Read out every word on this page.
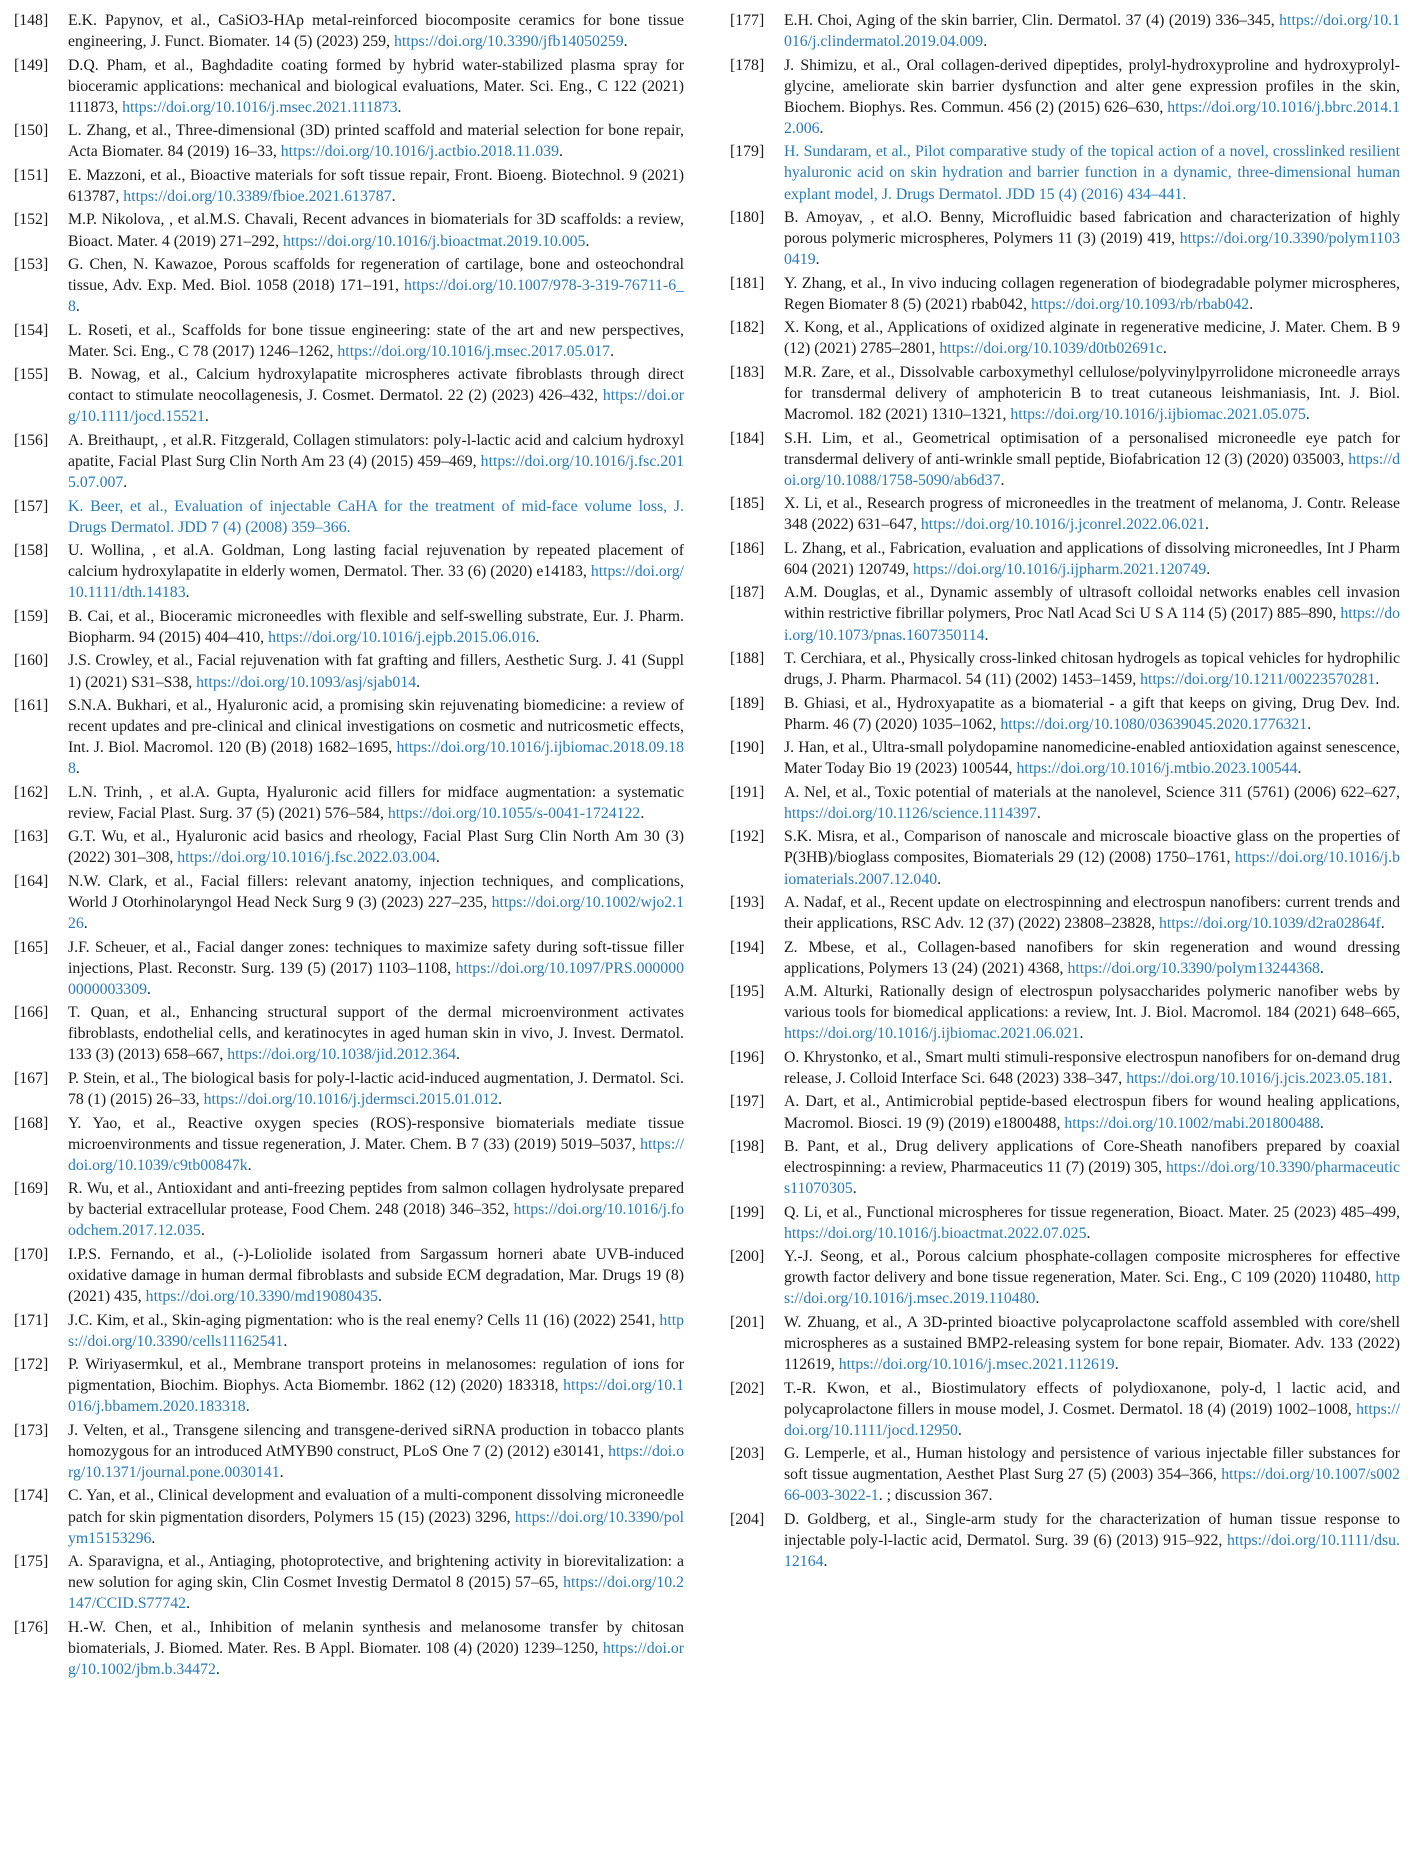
[148]	E.K. Papynov, et al., CaSiO3-HAp metal-reinforced biocomposite ceramics for bone tissue engineering, J. Funct. Biomater. 14 (5) (2023) 259, https://doi.org/10.3390/jfb14050259.
[149]	D.Q. Pham, et al., Baghdadite coating formed by hybrid water-stabilized plasma spray for bioceramic applications: mechanical and biological evaluations, Mater. Sci. Eng., C 122 (2021) 111873, https://doi.org/10.1016/j.msec.2021.111873.
[150]	L. Zhang, et al., Three-dimensional (3D) printed scaffold and material selection for bone repair, Acta Biomater. 84 (2019) 16–33, https://doi.org/10.1016/j.actbio.2018.11.039.
[151]	E. Mazzoni, et al., Bioactive materials for soft tissue repair, Front. Bioeng. Biotechnol. 9 (2021) 613787, https://doi.org/10.3389/fbioe.2021.613787.
[152]	M.P. Nikolova, , et al.M.S. Chavali, Recent advances in biomaterials for 3D scaffolds: a review, Bioact. Mater. 4 (2019) 271–292, https://doi.org/10.1016/j.bioactmat.2019.10.005.
[153]	G. Chen, N. Kawazoe, Porous scaffolds for regeneration of cartilage, bone and osteochondral tissue, Adv. Exp. Med. Biol. 1058 (2018) 171–191, https://doi.org/10.1007/978-3-319-76711-6_8.
[154]	L. Roseti, et al., Scaffolds for bone tissue engineering: state of the art and new perspectives, Mater. Sci. Eng., C 78 (2017) 1246–1262, https://doi.org/10.1016/j.msec.2017.05.017.
[155]	B. Nowag, et al., Calcium hydroxylapatite microspheres activate fibroblasts through direct contact to stimulate neocollagenesis, J. Cosmet. Dermatol. 22 (2) (2023) 426–432, https://doi.org/10.1111/jocd.15521.
[156]	A. Breithaupt, , et al.R. Fitzgerald, Collagen stimulators: poly-l-lactic acid and calcium hydroxyl apatite, Facial Plast Surg Clin North Am 23 (4) (2015) 459–469, https://doi.org/10.1016/j.fsc.2015.07.007.
[157]	K. Beer, et al., Evaluation of injectable CaHA for the treatment of mid-face volume loss, J. Drugs Dermatol. JDD 7 (4) (2008) 359–366.
[158]	U. Wollina, , et al.A. Goldman, Long lasting facial rejuvenation by repeated placement of calcium hydroxylapatite in elderly women, Dermatol. Ther. 33 (6) (2020) e14183, https://doi.org/10.1111/dth.14183.
[159]	B. Cai, et al., Bioceramic microneedles with flexible and self-swelling substrate, Eur. J. Pharm. Biopharm. 94 (2015) 404–410, https://doi.org/10.1016/j.ejpb.2015.06.016.
[160]	J.S. Crowley, et al., Facial rejuvenation with fat grafting and fillers, Aesthetic Surg. J. 41 (Suppl 1) (2021) S31–S38, https://doi.org/10.1093/asj/sjab014.
[161]	S.N.A. Bukhari, et al., Hyaluronic acid, a promising skin rejuvenating biomedicine: a review of recent updates and pre-clinical and clinical investigations on cosmetic and nutricosmetic effects, Int. J. Biol. Macromol. 120 (B) (2018) 1682–1695, https://doi.org/10.1016/j.ijbiomac.2018.09.188.
[162]	L.N. Trinh, , et al.A. Gupta, Hyaluronic acid fillers for midface augmentation: a systematic review, Facial Plast. Surg. 37 (5) (2021) 576–584, https://doi.org/10.1055/s-0041-1724122.
[163]	G.T. Wu, et al., Hyaluronic acid basics and rheology, Facial Plast Surg Clin North Am 30 (3) (2022) 301–308, https://doi.org/10.1016/j.fsc.2022.03.004.
[164]	N.W. Clark, et al., Facial fillers: relevant anatomy, injection techniques, and complications, World J Otorhinolaryngol Head Neck Surg 9 (3) (2023) 227–235, https://doi.org/10.1002/wjo2.126.
[165]	J.F. Scheuer, et al., Facial danger zones: techniques to maximize safety during soft-tissue filler injections, Plast. Reconstr. Surg. 139 (5) (2017) 1103–1108, https://doi.org/10.1097/PRS.0000000000003309.
[166]	T. Quan, et al., Enhancing structural support of the dermal microenvironment activates fibroblasts, endothelial cells, and keratinocytes in aged human skin in vivo, J. Invest. Dermatol. 133 (3) (2013) 658–667, https://doi.org/10.1038/jid.2012.364.
[167]	P. Stein, et al., The biological basis for poly-l-lactic acid-induced augmentation, J. Dermatol. Sci. 78 (1) (2015) 26–33, https://doi.org/10.1016/j.jdermsci.2015.01.012.
[168]	Y. Yao, et al., Reactive oxygen species (ROS)-responsive biomaterials mediate tissue microenvironments and tissue regeneration, J. Mater. Chem. B 7 (33) (2019) 5019–5037, https://doi.org/10.1039/c9tb00847k.
[169]	R. Wu, et al., Antioxidant and anti-freezing peptides from salmon collagen hydrolysate prepared by bacterial extracellular protease, Food Chem. 248 (2018) 346–352, https://doi.org/10.1016/j.foodchem.2017.12.035.
[170]	I.P.S. Fernando, et al., (-)-Loliolide isolated from Sargassum horneri abate UVB-induced oxidative damage in human dermal fibroblasts and subside ECM degradation, Mar. Drugs 19 (8) (2021) 435, https://doi.org/10.3390/md19080435.
[171]	J.C. Kim, et al., Skin-aging pigmentation: who is the real enemy? Cells 11 (16) (2022) 2541, https://doi.org/10.3390/cells11162541.
[172]	P. Wiriyasermkul, et al., Membrane transport proteins in melanosomes: regulation of ions for pigmentation, Biochim. Biophys. Acta Biomembr. 1862 (12) (2020) 183318, https://doi.org/10.1016/j.bbamem.2020.183318.
[173]	J. Velten, et al., Transgene silencing and transgene-derived siRNA production in tobacco plants homozygous for an introduced AtMYB90 construct, PLoS One 7 (2) (2012) e30141, https://doi.org/10.1371/journal.pone.0030141.
[174]	C. Yan, et al., Clinical development and evaluation of a multi-component dissolving microneedle patch for skin pigmentation disorders, Polymers 15 (15) (2023) 3296, https://doi.org/10.3390/polym15153296.
[175]	A. Sparavigna, et al., Antiaging, photoprotective, and brightening activity in biorevitalization: a new solution for aging skin, Clin Cosmet Investig Dermatol 8 (2015) 57–65, https://doi.org/10.2147/CCID.S77742.
[176]	H.-W. Chen, et al., Inhibition of melanin synthesis and melanosome transfer by chitosan biomaterials, J. Biomed. Mater. Res. B Appl. Biomater. 108 (4) (2020) 1239–1250, https://doi.org/10.1002/jbm.b.34472.
[177]	E.H. Choi, Aging of the skin barrier, Clin. Dermatol. 37 (4) (2019) 336–345, https://doi.org/10.1016/j.clindermatol.2019.04.009.
[178]	J. Shimizu, et al., Oral collagen-derived dipeptides, prolyl-hydroxyproline and hydroxyprolyl-glycine, ameliorate skin barrier dysfunction and alter gene expression profiles in the skin, Biochem. Biophys. Res. Commun. 456 (2) (2015) 626–630, https://doi.org/10.1016/j.bbrc.2014.12.006.
[179]	H. Sundaram, et al., Pilot comparative study of the topical action of a novel, crosslinked resilient hyaluronic acid on skin hydration and barrier function in a dynamic, three-dimensional human explant model, J. Drugs Dermatol. JDD 15 (4) (2016) 434–441.
[180]	B. Amoyav, , et al.O. Benny, Microfluidic based fabrication and characterization of highly porous polymeric microspheres, Polymers 11 (3) (2019) 419, https://doi.org/10.3390/polym11030419.
[181]	Y. Zhang, et al., In vivo inducing collagen regeneration of biodegradable polymer microspheres, Regen Biomater 8 (5) (2021) rbab042, https://doi.org/10.1093/rb/rbab042.
[182]	X. Kong, et al., Applications of oxidized alginate in regenerative medicine, J. Mater. Chem. B 9 (12) (2021) 2785–2801, https://doi.org/10.1039/d0tb02691c.
[183]	M.R. Zare, et al., Dissolvable carboxymethyl cellulose/polyvinylpyrrolidone microneedle arrays for transdermal delivery of amphotericin B to treat cutaneous leishmaniasis, Int. J. Biol. Macromol. 182 (2021) 1310–1321, https://doi.org/10.1016/j.ijbiomac.2021.05.075.
[184]	S.H. Lim, et al., Geometrical optimisation of a personalised microneedle eye patch for transdermal delivery of anti-wrinkle small peptide, Biofabrication 12 (3) (2020) 035003, https://doi.org/10.1088/1758-5090/ab6d37.
[185]	X. Li, et al., Research progress of microneedles in the treatment of melanoma, J. Contr. Release 348 (2022) 631–647, https://doi.org/10.1016/j.jconrel.2022.06.021.
[186]	L. Zhang, et al., Fabrication, evaluation and applications of dissolving microneedles, Int J Pharm 604 (2021) 120749, https://doi.org/10.1016/j.ijpharm.2021.120749.
[187]	A.M. Douglas, et al., Dynamic assembly of ultrasoft colloidal networks enables cell invasion within restrictive fibrillar polymers, Proc Natl Acad Sci U S A 114 (5) (2017) 885–890, https://doi.org/10.1073/pnas.1607350114.
[188]	T. Cerchiara, et al., Physically cross-linked chitosan hydrogels as topical vehicles for hydrophilic drugs, J. Pharm. Pharmacol. 54 (11) (2002) 1453–1459, https://doi.org/10.1211/00223570281.
[189]	B. Ghiasi, et al., Hydroxyapatite as a biomaterial - a gift that keeps on giving, Drug Dev. Ind. Pharm. 46 (7) (2020) 1035–1062, https://doi.org/10.1080/03639045.2020.1776321.
[190]	J. Han, et al., Ultra-small polydopamine nanomedicine-enabled antioxidation against senescence, Mater Today Bio 19 (2023) 100544, https://doi.org/10.1016/j.mtbio.2023.100544.
[191]	A. Nel, et al., Toxic potential of materials at the nanolevel, Science 311 (5761) (2006) 622–627, https://doi.org/10.1126/science.1114397.
[192]	S.K. Misra, et al., Comparison of nanoscale and microscale bioactive glass on the properties of P(3HB)/bioglass composites, Biomaterials 29 (12) (2008) 1750–1761, https://doi.org/10.1016/j.biomaterials.2007.12.040.
[193]	A. Nadaf, et al., Recent update on electrospinning and electrospun nanofibers: current trends and their applications, RSC Adv. 12 (37) (2022) 23808–23828, https://doi.org/10.1039/d2ra02864f.
[194]	Z. Mbese, et al., Collagen-based nanofibers for skin regeneration and wound dressing applications, Polymers 13 (24) (2021) 4368, https://doi.org/10.3390/polym13244368.
[195]	A.M. Alturki, Rationally design of electrospun polysaccharides polymeric nanofiber webs by various tools for biomedical applications: a review, Int. J. Biol. Macromol. 184 (2021) 648–665, https://doi.org/10.1016/j.ijbiomac.2021.06.021.
[196]	O. Khrystonko, et al., Smart multi stimuli-responsive electrospun nanofibers for on-demand drug release, J. Colloid Interface Sci. 648 (2023) 338–347, https://doi.org/10.1016/j.jcis.2023.05.181.
[197]	A. Dart, et al., Antimicrobial peptide-based electrospun fibers for wound healing applications, Macromol. Biosci. 19 (9) (2019) e1800488, https://doi.org/10.1002/mabi.201800488.
[198]	B. Pant, et al., Drug delivery applications of Core-Sheath nanofibers prepared by coaxial electrospinning: a review, Pharmaceutics 11 (7) (2019) 305, https://doi.org/10.3390/pharmaceutics11070305.
[199]	Q. Li, et al., Functional microspheres for tissue regeneration, Bioact. Mater. 25 (2023) 485–499, https://doi.org/10.1016/j.bioactmat.2022.07.025.
[200]	Y.-J. Seong, et al., Porous calcium phosphate-collagen composite microspheres for effective growth factor delivery and bone tissue regeneration, Mater. Sci. Eng., C 109 (2020) 110480, https://doi.org/10.1016/j.msec.2019.110480.
[201]	W. Zhuang, et al., A 3D-printed bioactive polycaprolactone scaffold assembled with core/shell microspheres as a sustained BMP2-releasing system for bone repair, Biomater. Adv. 133 (2022) 112619, https://doi.org/10.1016/j.msec.2021.112619.
[202]	T.-R. Kwon, et al., Biostimulatory effects of polydioxanone, poly-d, l lactic acid, and polycaprolactone fillers in mouse model, J. Cosmet. Dermatol. 18 (4) (2019) 1002–1008, https://doi.org/10.1111/jocd.12950.
[203]	G. Lemperle, et al., Human histology and persistence of various injectable filler substances for soft tissue augmentation, Aesthet Plast Surg 27 (5) (2003) 354–366, https://doi.org/10.1007/s00266-003-3022-1. ; discussion 367.
[204]	D. Goldberg, et al., Single-arm study for the characterization of human tissue response to injectable poly-l-lactic acid, Dermatol. Surg. 39 (6) (2013) 915–922, https://doi.org/10.1111/dsu.12164.
